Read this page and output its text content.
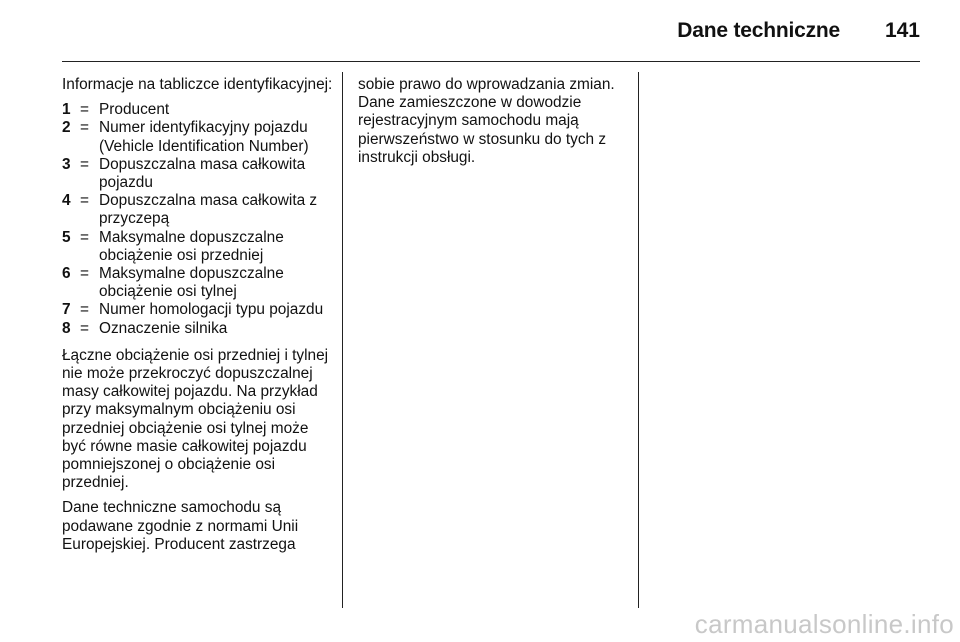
Dane techniczne 141

Informacje na tabliczce identyfikacyjnej:

1 = Producent
2 = Numer identyfikacyjny pojazdu (Vehicle Identification Number)
3 = Dopuszczalna masa całkowita pojazdu
4 = Dopuszczalna masa całkowita z przyczepą
5 = Maksymalne dopuszczalne obciążenie osi przedniej
6 = Maksymalne dopuszczalne obciążenie osi tylnej
7 = Numer homologacji typu pojazdu
8 = Oznaczenie silnika

Łączne obciążenie osi przedniej i tylnej nie może przekroczyć dopuszczalnej masy całkowitej pojazdu. Na przykład przy maksymalnym obciążeniu osi przedniej obciążenie osi tylnej może być równe masie całkowitej pojazdu pomniejszonej o obciążenie osi przedniej.

Dane techniczne samochodu są podawane zgodnie z normami Unii Europejskiej. Producent zastrzega

sobie prawo do wprowadzania zmian. Dane zamieszczone w dowodzie rejestracyjnym samochodu mają pierwszeństwo w stosunku do tych z instrukcji obsługi.

carmanualsonline.info
